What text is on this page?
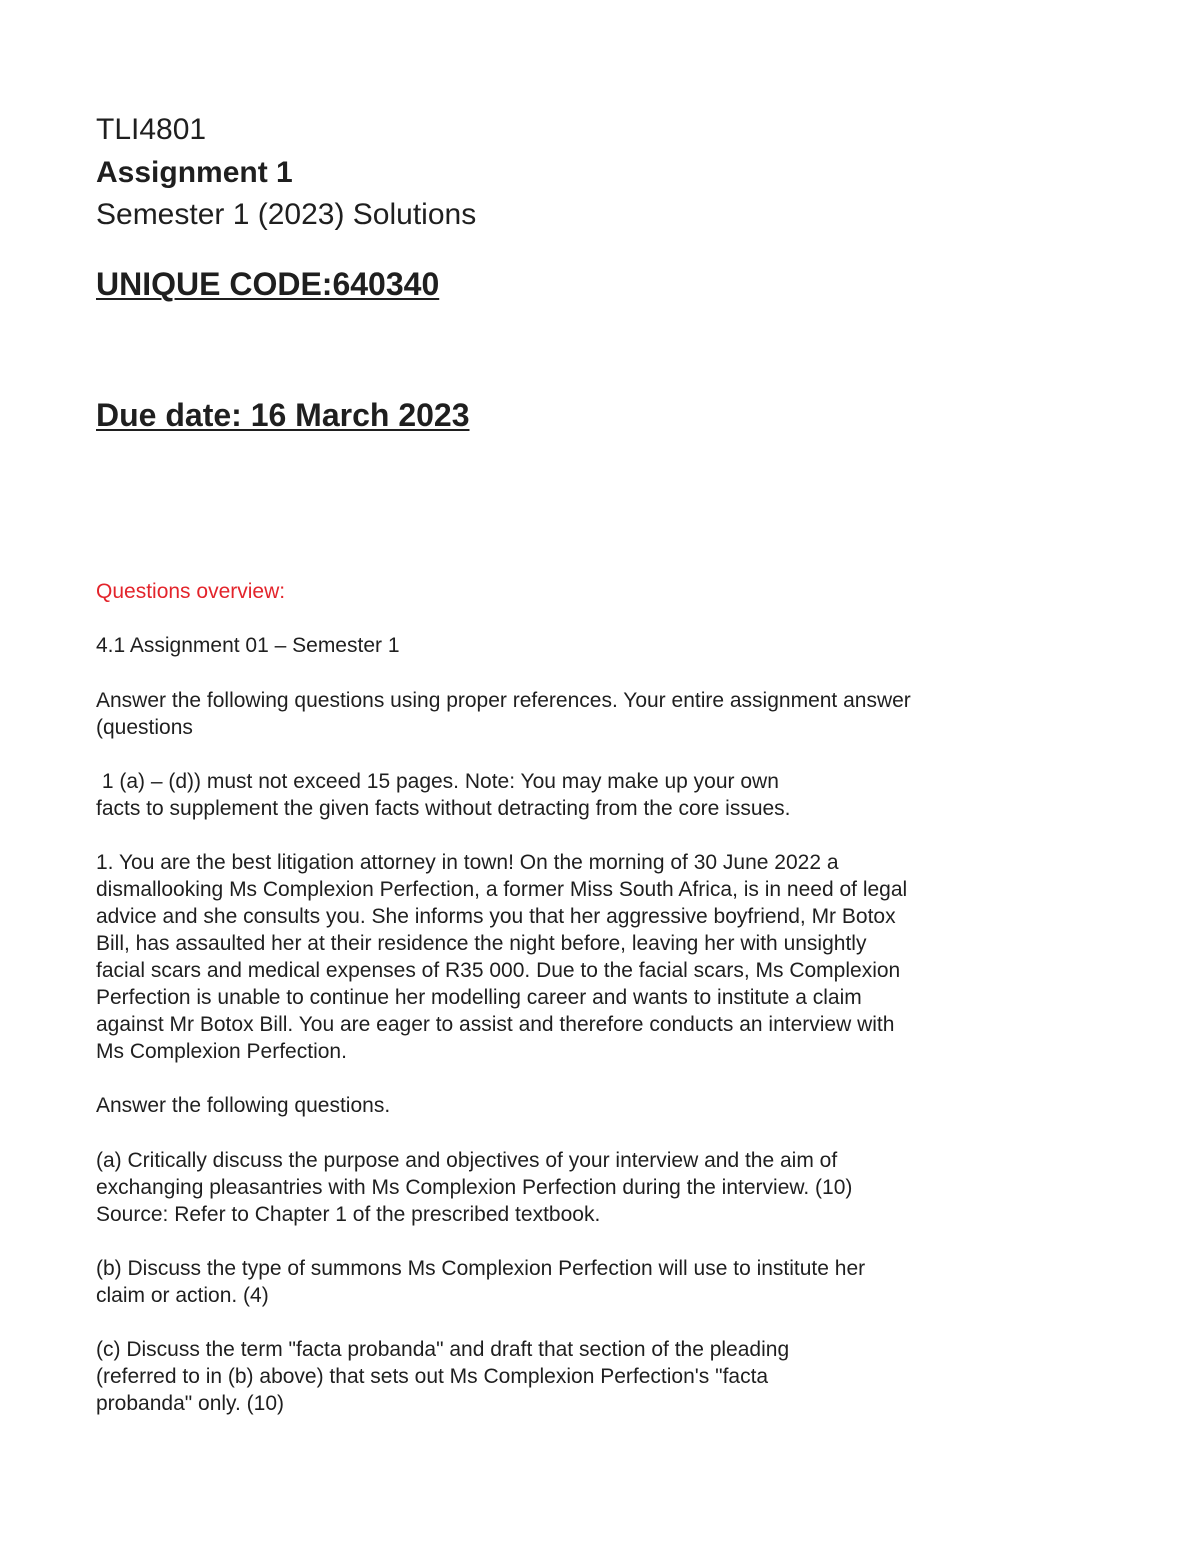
TLI4801
Assignment 1
Semester 1 (2023) Solutions
UNIQUE CODE:640340
Due date: 16 March 2023
Questions overview:
4.1 Assignment 01 – Semester 1
Answer the following questions using proper references. Your entire assignment answer
(questions
1 (a) – (d)) must not exceed 15 pages. Note: You may make up your own
facts to supplement the given facts without detracting from the core issues.
1. You are the best litigation attorney in town! On the morning of 30 June 2022 a
dismallooking Ms Complexion Perfection, a former Miss South Africa, is in need of legal
advice and she consults you. She informs you that her aggressive boyfriend, Mr Botox
Bill, has assaulted her at their residence the night before, leaving her with unsightly
facial scars and medical expenses of R35 000. Due to the facial scars, Ms Complexion
Perfection is unable to continue her modelling career and wants to institute a claim
against Mr Botox Bill. You are eager to assist and therefore conducts an interview with
Ms Complexion Perfection.
Answer the following questions.
(a) Critically discuss the purpose and objectives of your interview and the aim of
exchanging pleasantries with Ms Complexion Perfection during the interview. (10)
Source: Refer to Chapter 1 of the prescribed textbook.
(b) Discuss the type of summons Ms Complexion Perfection will use to institute her
claim or action. (4)
(c) Discuss the term "facta probanda" and draft that section of the pleading
(referred to in (b) above) that sets out Ms Complexion Perfection's "facta
probanda" only. (10)
